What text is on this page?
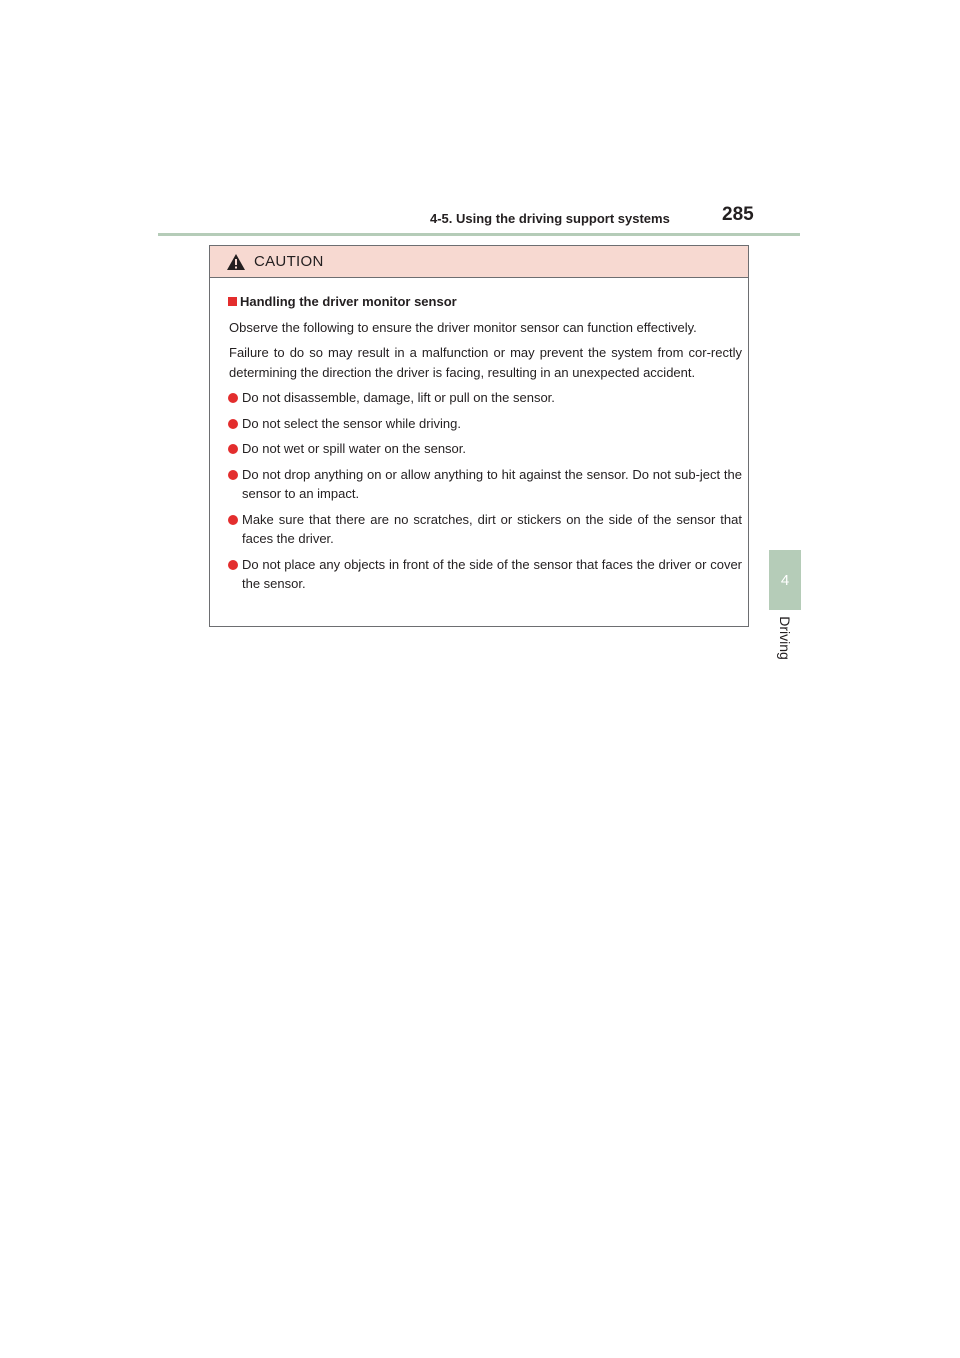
4-5. Using the driving support systems	285
4
Driving
CAUTION
Handling the driver monitor sensor

Observe the following to ensure the driver monitor sensor can function effectively.

Failure to do so may result in a malfunction or may prevent the system from cor-rectly determining the direction the driver is facing, resulting in an unexpected accident.

Do not disassemble, damage, lift or pull on the sensor.
Do not select the sensor while driving.
Do not wet or spill water on the sensor.
Do not drop anything on or allow anything to hit against the sensor. Do not sub-ject the sensor to an impact.
Make sure that there are no scratches, dirt or stickers on the side of the sensor that faces the driver.
Do not place any objects in front of the side of the sensor that faces the driver or cover the sensor.
